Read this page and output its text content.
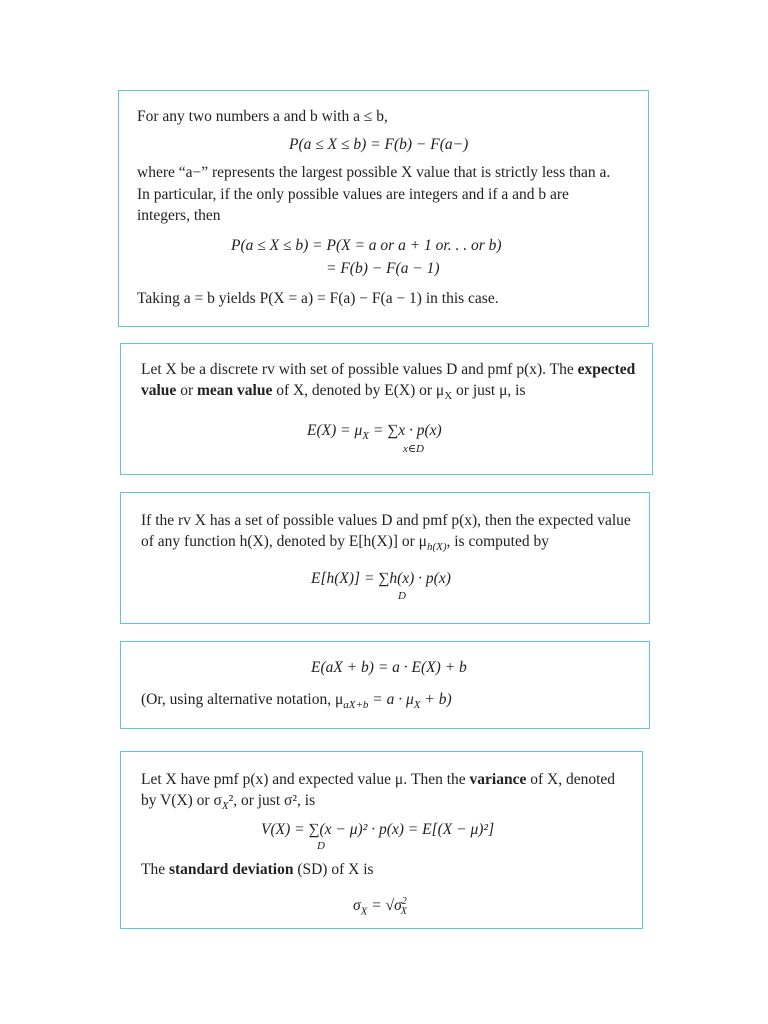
For any two numbers a and b with a ≤ b,
P(a ≤ X ≤ b) = F(b) − F(a−)
where “a−” represents the largest possible X value that is strictly less than a.
In particular, if the only possible values are integers and if a and b are
integers, then
P(a ≤ X ≤ b) = P(X = a or a + 1 or. . . or b)
= F(b) − F(a − 1)
Taking a = b yields P(X = a) = F(a) − F(a − 1) in this case.
Let X be a discrete rv with set of possible values D and pmf p(x). The expected
value or mean value of X, denoted by E(X) or $\mu_X$ or just μ, is
$E(X) = \mu_X = \sum x \cdot p(x)$
x∈D
If the rv X has a set of possible values D and pmf p(x), then the expected value
of any function h(X), denoted by E[h(X)] or $\mu_{h(X)}$, is computed by
E[h(X)] = ∑h(x) · p(x)
D
E(aX + b) = a · E(X) + b
(Or, using alternative notation, $\mu_{aX+b} = a \cdot \mu_X + b$)
Let X have pmf p(x) and expected value μ. Then the variance of X, denoted
by V(X) or $\sigma_X^2$, or just σ², is
V(X) = ∑(x − μ)² · p(x) = E[(X − μ)²]
D
The standard deviation (SD) of X is
$\sigma_X = √\sigma^2_X$
